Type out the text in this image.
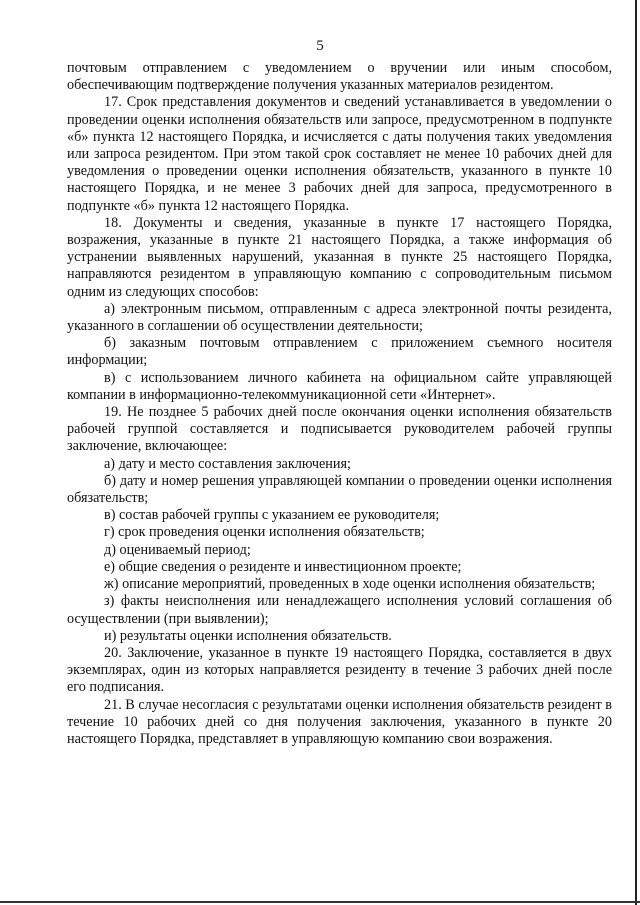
5

почтовым отправлением с уведомлением о вручении или иным способом, обеспечивающим подтверждение получения указанных материалов резидентом.

17. Срок представления документов и сведений устанавливается в уведомлении о проведении оценки исполнения обязательств или запросе, предусмотренном в подпункте «б» пункта 12 настоящего Порядка, и исчисляется с даты получения таких уведомления или запроса резидентом. При этом такой срок составляет не менее 10 рабочих дней для уведомления о проведении оценки исполнения обязательств, указанного в пункте 10 настоящего Порядка, и не менее 3 рабочих дней для запроса, предусмотренного в подпункте «б» пункта 12 настоящего Порядка.

18. Документы и сведения, указанные в пункте 17 настоящего Порядка, возражения, указанные в пункте 21 настоящего Порядка, а также информация об устранении выявленных нарушений, указанная в пункте 25 настоящего Порядка, направляются резидентом в управляющую компанию с сопроводительным письмом одним из следующих способов:

а) электронным письмом, отправленным с адреса электронной почты резидента, указанного в соглашении об осуществлении деятельности;

б) заказным почтовым отправлением с приложением съемного носителя информации;

в) с использованием личного кабинета на официальном сайте управляющей компании в информационно-телекоммуникационной сети «Интернет».

19. Не позднее 5 рабочих дней после окончания оценки исполнения обязательств рабочей группой составляется и подписывается руководителем рабочей группы заключение, включающее:

а) дату и место составления заключения;

б) дату и номер решения управляющей компании о проведении оценки исполнения обязательств;

в) состав рабочей группы с указанием ее руководителя;

г) срок проведения оценки исполнения обязательств;

д) оцениваемый период;

е) общие сведения о резиденте и инвестиционном проекте;

ж) описание мероприятий, проведенных в ходе оценки исполнения обязательств;

з) факты неисполнения или ненадлежащего исполнения условий соглашения об осуществлении (при выявлении);

и) результаты оценки исполнения обязательств.

20. Заключение, указанное в пункте 19 настоящего Порядка, составляется в двух экземплярах, один из которых направляется резиденту в течение 3 рабочих дней после его подписания.

21. В случае несогласия с результатами оценки исполнения обязательств резидент в течение 10 рабочих дней со дня получения заключения, указанного в пункте 20 настоящего Порядка, представляет в управляющую компанию свои возражения.
